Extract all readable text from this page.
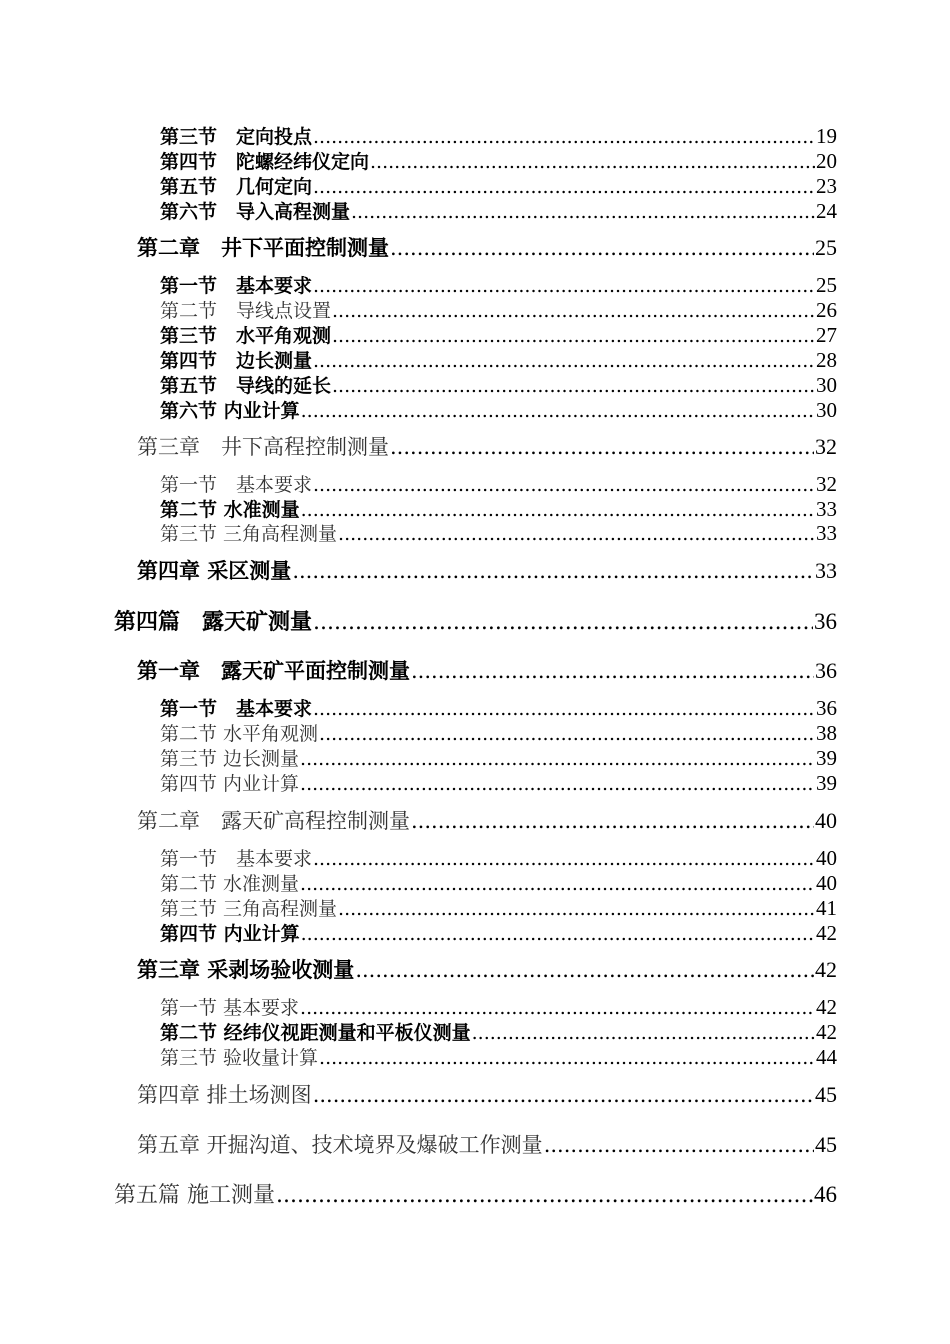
第三节　定向投点 .....	19
第四节　陀螺经纬仪定向 .....	20
第五节　几何定向 .....	23
第六节　导入高程测量 .....	24
第二章　井下平面控制测量 .....	25
第一节　基本要求 .....	25
第二节　导线点设置 .....	26
第三节　水平角观测 .....	27
第四节　边长测量 .....	28
第五节　导线的延长 .....	30
第六节 内业计算 .....	30
第三章　井下高程控制测量 .....	32
第一节　基本要求 .....	32
第二节 水准测量 .....	33
第三节 三角高程测量 .....	33
第四章 采区测量 .....	33
第四篇　露天矿测量 .....	36
第一章　露天矿平面控制测量 .....	36
第一节　基本要求 .....	36
第二节 水平角观测 .....	38
第三节 边长测量 .....	39
第四节 内业计算 .....	39
第二章　露天矿高程控制测量 .....	40
第一节　基本要求 .....	40
第二节 水准测量 .....	40
第三节 三角高程测量 .....	41
第四节 内业计算 .....	42
第三章 采剥场验收测量 .....	42
第一节 基本要求 .....	42
第二节 经纬仪视距测量和平板仪测量 .....	42
第三节 验收量计算 .....	44
第四章 排土场测图 .....	45
第五章 开掘沟道、技术境界及爆破工作测量 .....	45
第五篇 施工测量 .....	46
